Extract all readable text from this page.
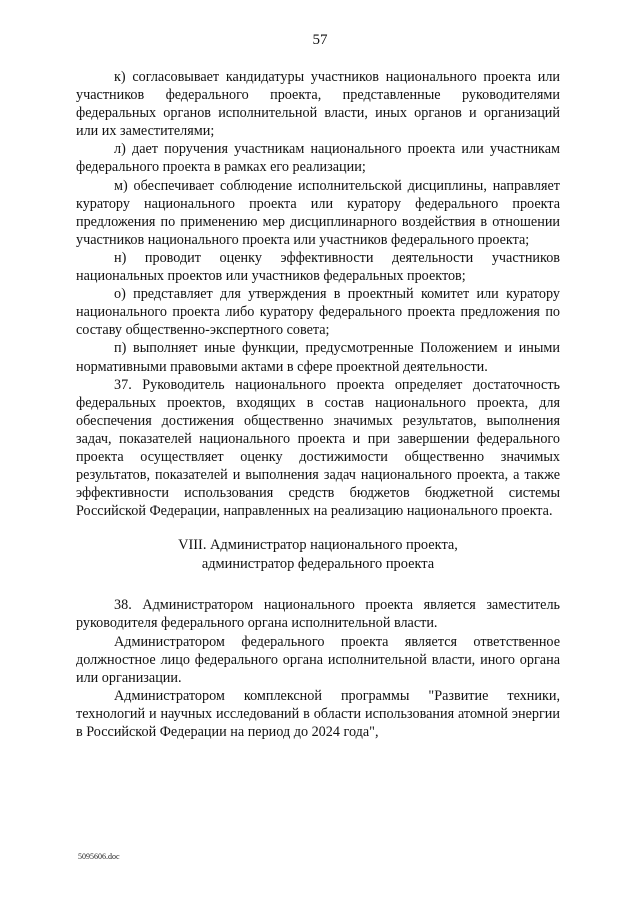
57

к) согласовывает кандидатуры участников национального проекта или участников федерального проекта, представленные руководителями федеральных органов исполнительной власти, иных органов и организаций или их заместителями;

л) дает поручения участникам национального проекта или участникам федерального проекта в рамках его реализации;

м) обеспечивает соблюдение исполнительской дисциплины, направляет куратору национального проекта или куратору федерального проекта предложения по применению мер дисциплинарного воздействия в отношении участников национального проекта или участников федерального проекта;

н) проводит оценку эффективности деятельности участников национальных проектов или участников федеральных проектов;

о) представляет для утверждения в проектный комитет или куратору национального проекта либо куратору федерального проекта предложения по составу общественно-экспертного совета;

п) выполняет иные функции, предусмотренные Положением и иными нормативными правовыми актами в сфере проектной деятельности.

37. Руководитель национального проекта определяет достаточность федеральных проектов, входящих в состав национального проекта, для обеспечения достижения общественно значимых результатов, выполнения задач, показателей национального проекта и при завершении федерального проекта осуществляет оценку достижимости общественно значимых результатов, показателей и выполнения задач национального проекта, а также эффективности использования средств бюджетов бюджетной системы Российской Федерации, направленных на реализацию национального проекта.

VIII. Администратор национального проекта,
администратор федерального проекта

38. Администратором национального проекта является заместитель руководителя федерального органа исполнительной власти.

Администратором федерального проекта является ответственное должностное лицо федерального органа исполнительной власти, иного органа или организации.

Администратором комплексной программы "Развитие техники, технологий и научных исследований в области использования атомной энергии в Российской Федерации на период до 2024 года",

5095606.doc
